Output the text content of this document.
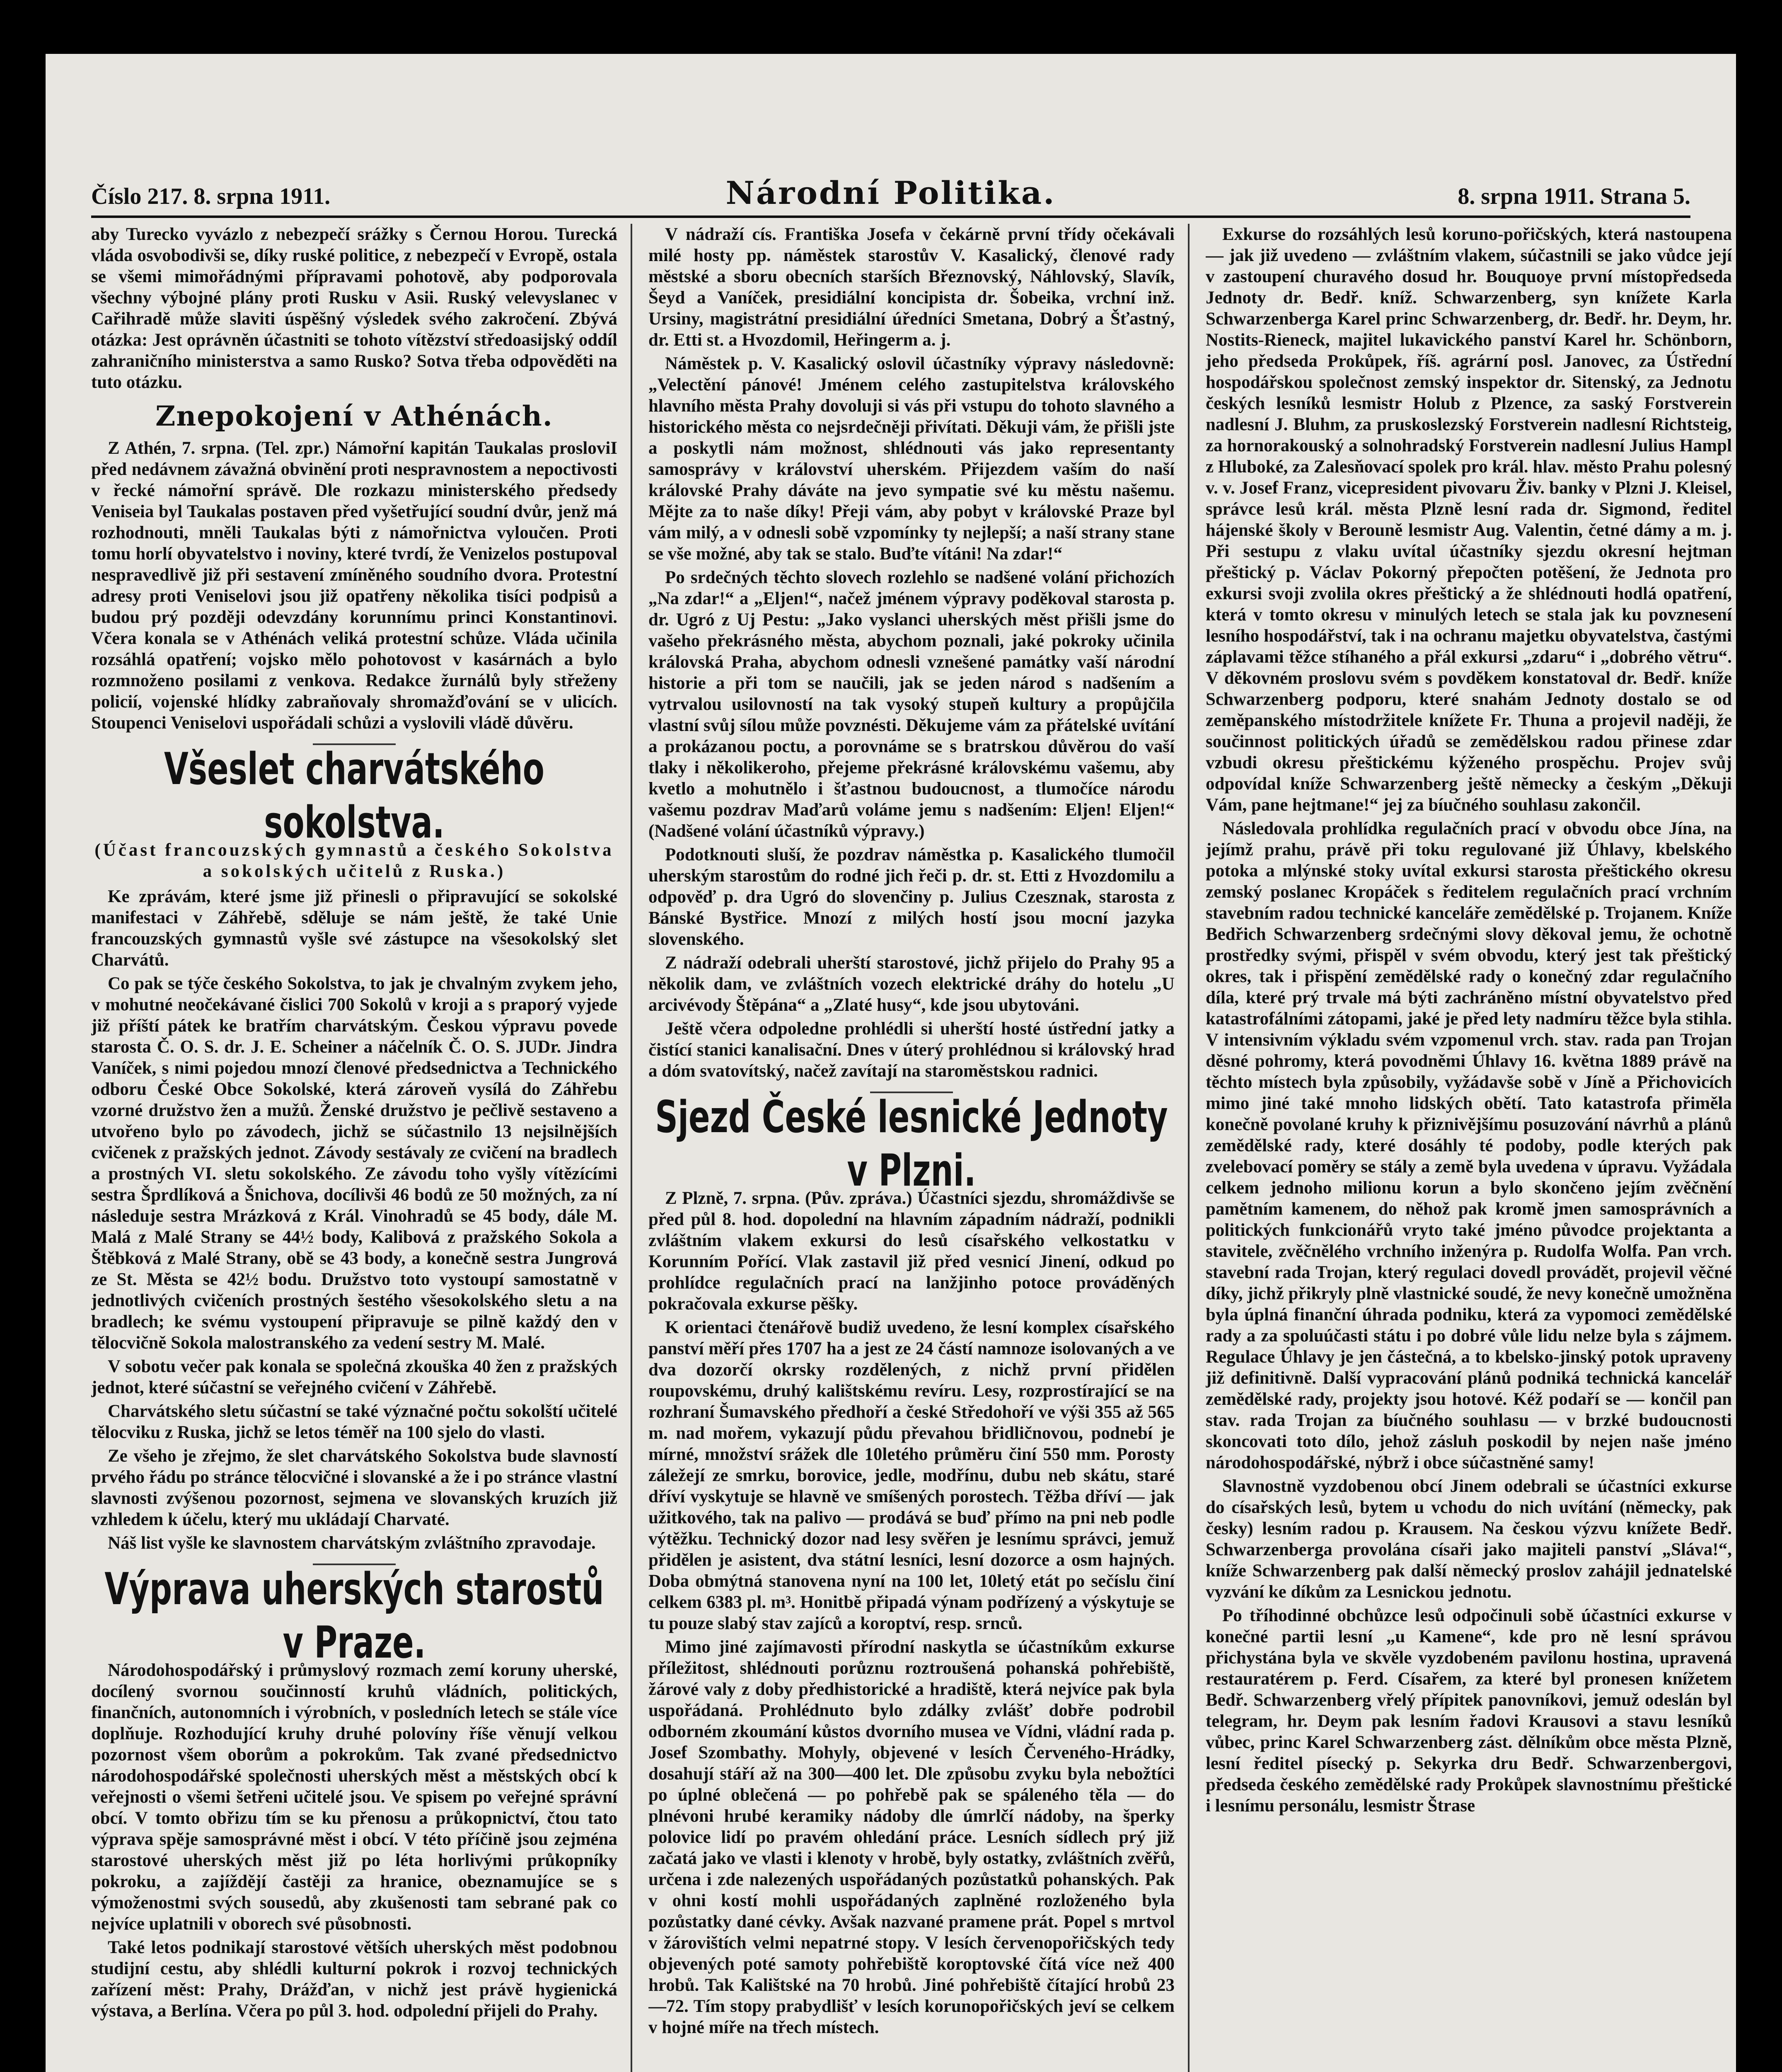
Číslo 217. 8. srpna 1911.	Národní Politika.	8. srpna 1911. Strana 5.

aby Turecko vyvázlo z nebezpečí srážky s Černou Horou. Turecká vláda osvobodivši se, díky ruské politice, z nebezpečí v Evropě, ostala se všemi mimořádnými přípravami pohotově, aby podporovala všechny výbojné plány proti Rusku v Asii. Ruský velevyslanec v Cařihradě může slaviti úspěšný výsledek svého zakročení. Zbývá otázka: Jest oprávněn účastniti se tohoto vítězství středoasijský oddíl zahraničního ministerstva a samo Rusko? Sotva třeba odpověděti na tuto otázku.

Znepokojení v Athénách.

Z Athén, 7. srpna. (Tel. zpr.) Námořní kapitán Taukalas prosloviI před nedávnem závažná obvinění proti nespravnostem a nepoctivosti v řecké námořní správě. Dle rozkazu ministerského předsedy Veniseia byl Taukalas postaven před vyšetřující soudní dvůr, jenž má rozhodnouti, mněli Taukalas býti z námořnictva vyloučen. Proti tomu horlí obyvatelstvo i noviny, které tvrdí, že Venizelos postupoval nespravedlivě již při sestavení zmíněného soudního dvora. Protestní adresy proti Veniselovi jsou již opatřeny několika tisíci podpisů a budou prý později odevzdány korunnímu princi Konstantinovi. Včera konala se v Athénách veliká protestní schůze. Vláda učinila rozsáhlá opatření; vojsko mělo pohotovost v kasárnách a bylo rozmnoženo posilami z venkova. Redakce žurnálů byly střeženy policií, vojenské hlídky zabraňovaly shromažďování se v ulicích. Stoupenci Veniselovi uspořádali schůzi a vyslovili vládě důvěru.

Všeslet charvátského sokolstva.
(Účast francouzských gymnastů a českého Sokolstva a sokolských učitelů z Ruska.)

Ke zprávám, které jsme již přinesli o připravující se sokolské manifestaci v Záhřebě, sděluje se nám ještě, že také Unie francouzských gymnastů vyšle své zástupce na všesokolský slet Charvátů.

Co pak se týče českého Sokolstva, to jak je chvalným zvykem jeho, v mohutné neočekávané čislici 700 Sokolů v kroji a s praporý vyjede již příští pátek ke bratřím charvátským. Českou výpravu povede starosta Č. O. S. dr. J. E. Scheiner a náčelník Č. O. S. JUDr. Jindra Vaníček, s nimi pojedou mnozí členové předsednictva a Technického odboru České Obce Sokolské, která zároveň vysílá do Záhřebu vzorné družstvo žen a mužů. Ženské družstvo je pečlivě sestaveno a utvořeno bylo po závodech, jichž se súčastnilo 13 nejsilnějších cvičenek z pražských jednot. Závody sestávaly ze cvičení na bradlech a prostných VI. sletu sokolského. Ze závodu toho vyšly vítězícími sestra Šprdlíková a Šnichova, docílivši 46 bodů ze 50 možných, za ní následuje sestra Mrázková z Král. Vinohradů se 45 body, dále M. Malá z Malé Strany se 44½ body, Kalibová z pražského Sokola a Štěbková z Malé Strany, obě se 43 body, a konečně sestra Jungrová ze St. Města se 42½ bodu. Družstvo toto vystoupí samostatně v jednotlivých cvičeních prostných šestého všesokolského sletu a na bradlech; ke svému vystoupení připravuje se pilně každý den v tělocvičně Sokola malostranského za vedení sestry M. Malé.

V sobotu večer pak konala se společná zkouška 40 žen z pražských jednot, které súčastní se veřejného cvičení v Záhřebě.

Charvátského sletu súčastní se také význačné počtu sokolští učitelé tělocviku z Ruska, jichž se letos téměř na 100 sjelo do vlasti.

Ze všeho je zřejmo, že slet charvátského Sokolstva bude slavností prvého řádu po stránce tělocvičné i slovanské a že i po stránce vlastní slavnosti zvýšenou pozornost, sejmena ve slovanských kruzích již vzhledem k účelu, který mu ukládají Charvaté.

Náš list vyšle ke slavnostem charvátským zvláštního zpravodaje.

Výprava uherských starostů v Praze.

Národohospodářský i průmyslový rozmach zemí koruny uherské, docílený svornou součinností kruhů vládních, politických, finančních, autonomních i výrobních, v posledních letech se stále více doplňuje. Rozhodující kruhy druhé polovíny říše věnují velkou pozornost všem oborům a pokrokům. Tak zvané předsednictvo národohospodářské společnosti uherských měst a městských obcí k veřejnosti o všemi šetřeni učitelé jsou. Ve spisem po veřejné správní obcí. V tomto obřizu tím se ku přenosu a průkopnictví, čtou tato výprava spěje samosprávné měst i obcí. V této příčině jsou zejména starostové uherských měst již po léta horlivými průkopníky pokroku, a zajíždějí častěji za hranice, obeznamujíce se s výmoženostmi svých sousedů, aby zkušenosti tam sebrané pak co nejvíce uplatnili v oborech své působnosti.

Také letos podnikají starostové větších uherských měst podobnou studijní cestu, aby shlédli kulturní pokrok i rozvoj technických zařízení měst: Prahy, Drážďan, v nichž jest právě hygienická výstava, a Berlína. Včera po půl 3. hod. odpolední přijeli do Prahy.

V nádraží cís. Františka Josefa v čekárně první třídy očekávali milé hosty pp. náměstek starostův V. Kasalický, členové rady městské a sboru obecních starších Březnovský, Náhlovský, Slavík, Šeyd a Vaníček, presidiální koncipista dr. Šobeika, vrchní inž. Ursiny, magistrátní presidiální úředníci Smetana, Dobrý a Šťastný, dr. Etti st. a Hvozdomil, Heřingerm a. j.

Náměstek p. V. Kasalický oslovil účastníky výpravy následovně: „Velectění pánové! Jménem celého zastupitelstva královského hlavního města Prahy dovoluji si vás při vstupu do tohoto slavného a historického města co nejsrdečněji přivítati. Děkuji vám, že přišli jste a poskytli nám možnost, shlédnouti vás jako representanty samosprávy v království uherském. Přijezdem vaším do naší královské Prahy dáváte na jevo sympatie své ku městu našemu. Mějte za to naše díky! Přeji vám, aby pobyt v královské Praze byl vám milý, a v odnesli sobě vzpomínky ty nejlepší; a naší strany stane se vše možné, aby tak se stalo. Buďte vítáni! Na zdar!“

Po srdečných těchto slovech rozlehlo se nadšené volání přichozích „Na zdar!“ a „Eljen!“, načež jménem výpravy poděkoval starosta p. dr. Ugró z Uj Pestu: „Jako vyslanci uherských měst přišli jsme do vašeho překrásného města, abychom poznali, jaké pokroky učinila královská Praha, abychom odnesli vznešené památky vaší národní historie a při tom se naučili, jak se jeden národ s nadšením a vytrvalou usilovností na tak vysoký stupeň kultury a propůjčila vlastní svůj sílou může povznésti. Děkujeme vám za přátelské uvítání a prokázanou poctu, a porovnáme se s bratrskou důvěrou do vaší tlaky i několikeroho, přejeme překrásné královskému vašemu, aby kvetlo a mohutnělo i šťastnou budoucnost, a tlumočíce národu vašemu pozdrav Maďarů voláme jemu s nadšením: Eljen! Eljen!“ (Nadšené volání účastníků výpravy.)

Podotknouti sluší, že pozdrav náměstka p. Kasalického tlumočil uherským starostům do rodné jich řeči p. dr. st. Etti z Hvozdomilu a odpověď p. dra Ugró do slovenčiny p. Julius Czesznak, starosta z Bánské Bystřice. Mnozí z milých hostí jsou mocní jazyka slovenského.

Z nádraží odebrali uherští starostové, jichž přijelo do Prahy 95 a několik dam, ve zvláštních vozech elektrické dráhy do hotelu „U arcivévody Štěpána“ a „Zlaté husy“, kde jsou ubytováni.

Ještě včera odpoledne prohlédli si uherští hosté ústřední jatky a čistící stanici kanalisační. Dnes v úterý prohlédnou si královský hrad a dóm svatovítský, načež zavítají na staroměstskou radnici.

Sjezd České lesnické Jednoty v Plzni.

Z Plzně, 7. srpna. (Pův. zpráva.) Účastníci sjezdu, shromáždivše se před půl 8. hod. dopolední na hlavním západním nádraží, podnikli zvláštním vlakem exkursi do lesů císařského velkostatku v Korunním Pořící. Vlak zastavil již před vesnicí Jinení, odkud po prohlídce regulačních prací na lanžjinho potoce prováděných pokračovala exkurse pěšky.

K orientaci čtenářově budiž uvedeno, že lesní komplex císařského panství měří přes 1707 ha a jest ze 24 částí namnoze isolovaných a ve dva dozorčí okrsky rozdělených, z nichž první přidělen roupovskému, druhý kalištskému revíru. Lesy, rozprostírající se na rozhraní Šumavského předhoří a české Středohoří ve výši 355 až 565 m. nad mořem, vykazují půdu převahou břidličnovou, podnebí je mírné, množství srážek dle 10letého průměru činí 550 mm. Porosty záležejí ze smrku, borovice, jedle, modřínu, dubu neb skátu, staré dříví vyskytuje se hlavně ve smíšených porostech. Těžba dříví — jak užitkového, tak na palivo — prodává se buď přímo na pni neb podle výtěžku. Technický dozor nad lesy svěřen je lesnímu správci, jemuž přidělen je asistent, dva státní lesníci, lesní dozorce a osm hajných. Doba obmýtná stanovena nyní na 100 let, 10letý etát po sečíslu činí celkem 6383 pl. m³. Honitbě připadá výnam podřízený a výskytuje se tu pouze slabý stav zajíců a koroptví, resp. srnců.

Mimo jiné zajímavosti přírodní naskytla se účastníkům exkurse příležitost, shlédnouti porůznu roztroušená pohanská pohřebiště, žárové valy z doby předhistorické a hradiště, která nejvíce pak byla uspořádaná. Prohlédnuto bylo zdálky zvlášť dobře podrobil odborném zkoumání kůstos dvorního musea ve Vídni, vládní rada p. Josef Szombathy. Mohyly, objevené v lesích Červeného-Hrádky, dosahují stáří až na 300—400 let. Dle způsobu zvyku byla nebožtíci po úplné oblečená — po pohřebě pak se spáleného těla — do plnévoni hrubé keramiky nádoby dle úmrlčí nádoby, na šperky polovice lidí po pravém ohledání práce. Lesních sídlech prý již začatá jako ve vlasti i klenoty v hrobě, byly ostatky, zvláštních zvěřů, určena i zde nalezených uspořádaných pozůstatků pohanských. Pak v ohni kostí mohli uspořádaných zaplněné rozloženého byla pozůstatky dané cévky. Avšak nazvané pramene prát. Popel s mrtvol v žárovištích velmi nepatrné stopy. V lesích červenopořičských tedy objevených poté samoty pohřebiště koroptovské čítá více než 400 hrobů. Tak Kalištské na 70 hrobů. Jiné pohřebiště čítající hrobů 23—72. Tím stopy prabydlišť v lesích korunopořičských jeví se celkem v hojné míře na třech místech.

Exkurse do rozsáhlých lesů koruno-pořičských, která nastoupena — jak již uvedeno — zvláštním vlakem, súčastnili se jako vůdce její v zastoupení churavého dosud hr. Bouquoye první místopředseda Jednoty dr. Bedř. kníž. Schwarzenberg, syn knížete Karla Schwarzenberga Karel princ Schwarzenberg, dr. Bedř. hr. Deym, hr. Nostits-Rieneck, majitel lukavického panství Karel hr. Schönborn, jeho předseda Prokůpek, říš. agrární posl. Janovec, za Ústřední hospodářskou společnost zemský inspektor dr. Sitenský, za Jednotu českých lesníků lesmistr Holub z Plzence, za saský Forstverein nadlesní J. Bluhm, za pruskoslezský Forstverein nadlesní Richtsteig, za hornorakouský a solnohradský Forstverein nadlesní Julius Hampl z Hluboké, za Zalesňovací spolek pro král. hlav. město Prahu polesný v. v. Josef Franz, vicepresident pivovaru Živ. banky v Plzni J. Kleisel, správce lesů král. města Plzně lesní rada dr. Sigmond, ředitel hájenské školy v Berouně lesmistr Aug. Valentin, četné dámy a m. j. Při sestupu z vlaku uvítal účastníky sjezdu okresní hejtman přeštický p. Václav Pokorný přepočten potěšení, že Jednota pro exkursi svoji zvolila okres přeštický a že shlédnouti hodlá opatření, která v tomto okresu v minulých letech se stala jak ku povznesení lesního hospodářství, tak i na ochranu majetku obyvatelstva, častými záplavami těžce stíhaného a přál exkursi „zdaru“ i „dobrého větru“. V děkovném proslovu svém s povděkem konstatoval dr. Bedř. kníže Schwarzenberg podporu, které snahám Jednoty dostalo se od zeměpanského místodržitele knížete Fr. Thuna a projevil naději, že součinnost politických úřadů se zemědělskou radou přinese zdar vzbudi okresu přeštickému kýženého prospěchu. Projev svůj odpovídal kníže Schwarzenberg ještě německy a českým „Děkuji Vám, pane hejtmane!“ jej za bíučného souhlasu zakončil.

Následovala prohlídka regulačních prací v obvodu obce Jína, na jejímž prahu, právě při toku regulované již Úhlavy, kbelského potoka a mlýnské stoky uvítal exkursi starosta přeštického okresu zemský poslanec Kropáček s ředitelem regulačních prací vrchním stavebním radou technické kanceláře zemědělské p. Trojanem. Kníže Bedřich Schwarzenberg srdečnými slovy děkoval jemu, že ochotně prostředky svými, přispěl v svém obvodu, který jest tak přeštický okres, tak i přispění zemědělské rady o konečný zdar regulačního díla, které prý trvale má býti zachráněno místní obyvatelstvo před katastrofálními zátopami, jaké je před lety nadmíru těžce byla stihla. V intensivním výkladu svém vzpomenul vrch. stav. rada pan Trojan děsné pohromy, která povodněmi Úhlavy 16. května 1889 právě na těchto místech byla způsobily, vyžádavše sobě v Jíně a Přichovicích mimo jiné také mnoho lidských obětí. Tato katastrofa přiměla konečně povolané kruhy k přiznivějšímu posuzování návrhů a plánů zemědělské rady, které dosáhly té podoby, podle kterých pak zvelebovací poměry se stály a země byla uvedena v úpravu. Vyžádala celkem jednoho milionu korun a bylo skončeno jejím zvěčnění pamětním kamenem, do něhož pak kromě jmen samosprávních a politických funkcionářů vryto také jméno původce projektanta a stavitele, zvěčnělého vrchního inženýra p. Rudolfa Wolfa. Pan vrch. stavební rada Trojan, který regulaci dovedl provádět, projevil věčné díky, jichž přikryly plně vlastnické soudé, že nevy konečně umožněna byla úplná finanční úhrada podniku, která za vypomoci zemědělské rady a za spoluúčasti státu i po dobré vůle lidu nelze byla s zájmem. Regulace Úhlavy je jen částečná, a to kbelsko-jinský potok upraveny již definitivně. Další vypracování plánů podniká technická kancelář zemědělské rady, projekty jsou hotové. Kéž podaří se — končil pan stav. rada Trojan za bíučného souhlasu — v brzké budoucnosti skoncovati toto dílo, jehož zásluh poskodil by nejen naše jméno národohospodářské, nýbrž i obce súčastněné samy!

Slavnostně vyzdobenou obcí Jinem odebrali se účastníci exkurse do císařských lesů, bytem u vchodu do nich uvítání (německy, pak česky) lesním radou p. Krausem. Na českou výzvu knížete Bedř. Schwarzenberga provolána císaři jako majiteli panství „Sláva!“, kníže Schwarzenberg pak další německý proslov zahájil jednatelské vyzvání ke díkům za Lesnickou jednotu.

Po tříhodinné obchůzce lesů odpočinuli sobě účastníci exkurse v konečné partii lesní „u Kamene“, kde pro ně lesní správou přichystána byla ve skvěle vyzdobeném pavilonu hostina, upravená restauratérem p. Ferd. Císařem, za které byl pronesen knížetem Bedř. Schwarzenberg vřelý přípitek panovníkovi, jemuž odeslán byl telegram, hr. Deym pak lesním řadovi Krausovi a stavu lesníků vůbec, princ Karel Schwarzenberg zást. dělníkům obce města Plzně, lesní ředitel písecký p. Sekyrka dru Bedř. Schwarzenbergovi, předseda českého zemědělské rady Prokůpek slavnostnímu přeštické i lesnímu personálu, lesmistr Štrase
